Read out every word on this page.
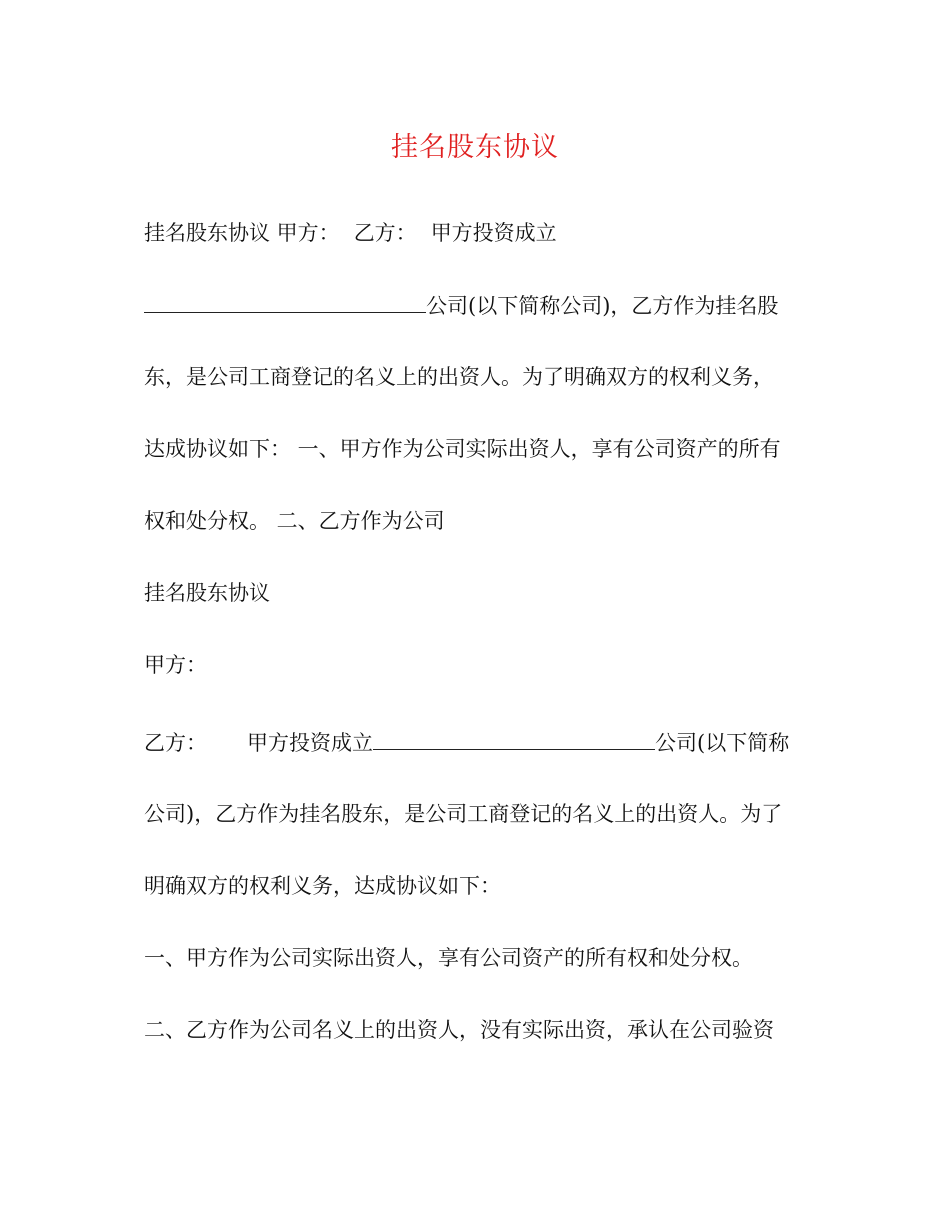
挂名股东协议
挂名股东协议 甲方： 乙方： 甲方投资成立
公司(以下简称公司)，乙方作为挂名股
东，是公司工商登记的名义上的出资人。为了明确双方的权利义务，
达成协议如下： 一、甲方作为公司实际出资人，享有公司资产的所有
权和处分权。 二、乙方作为公司
挂名股东协议
甲方：
乙方： 甲方投资成立	公司(以下简称
公司)，乙方作为挂名股东，是公司工商登记的名义上的出资人。为了
明确双方的权利义务，达成协议如下：
一、甲方作为公司实际出资人，享有公司资产的所有权和处分权。
二、乙方作为公司名义上的出资人，没有实际出资，承认在公司验资
